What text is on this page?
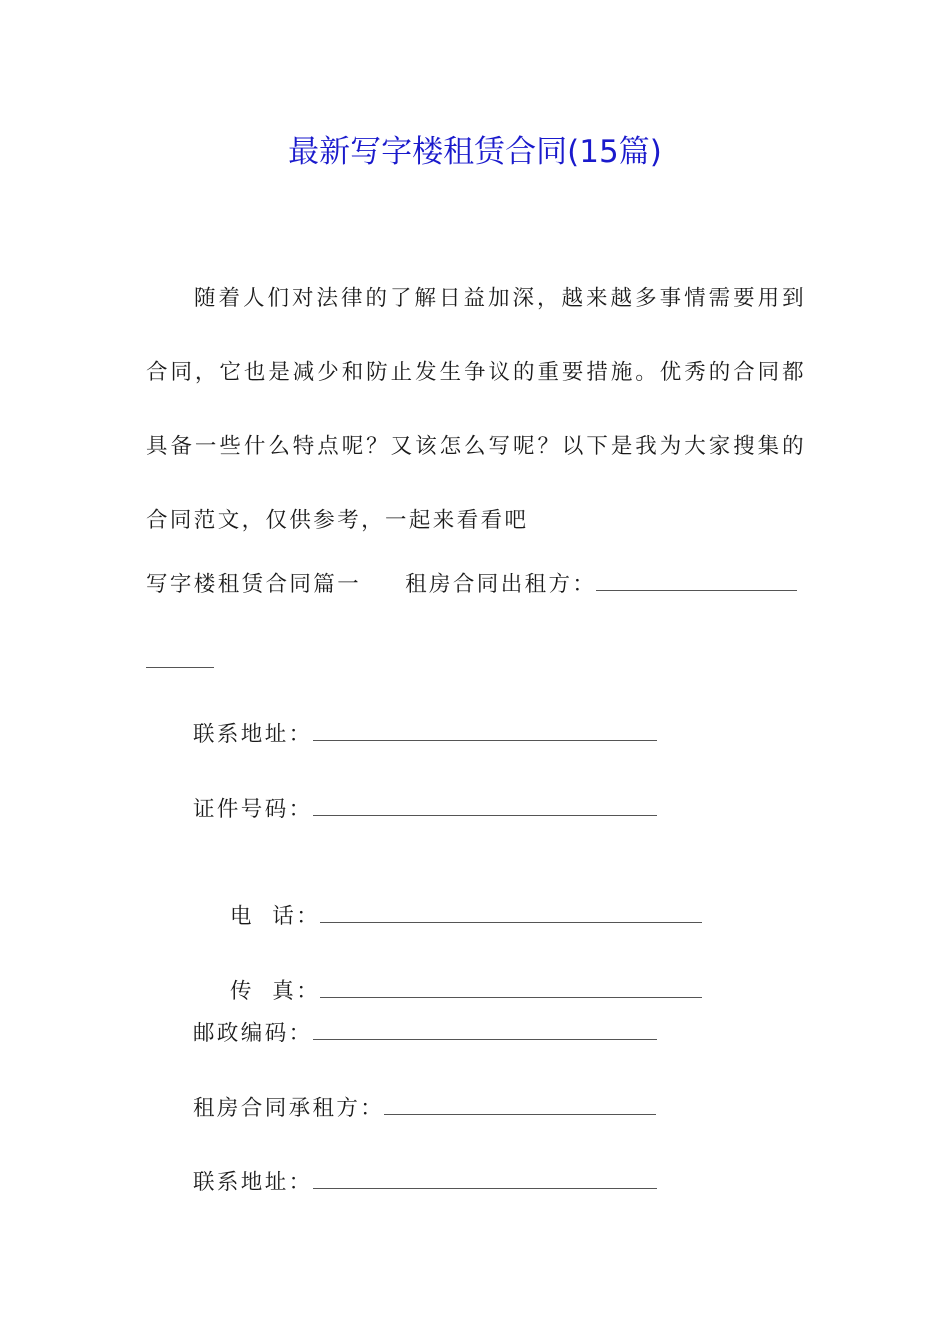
最新写字楼租赁合同(15篇)

随着人们对法律的了解日益加深，越来越多事情需要用到合同，它也是减少和防止发生争议的重要措施。优秀的合同都具备一些什么特点呢？又该怎么写呢？以下是我为大家搜集的合同范文，仅供参考，一起来看看吧

写字楼租赁合同篇一 租房合同出租方：
联系地址：
证件号码：

电  话：

传  真：

邮政编码：
租房合同承租方：
联系地址：
